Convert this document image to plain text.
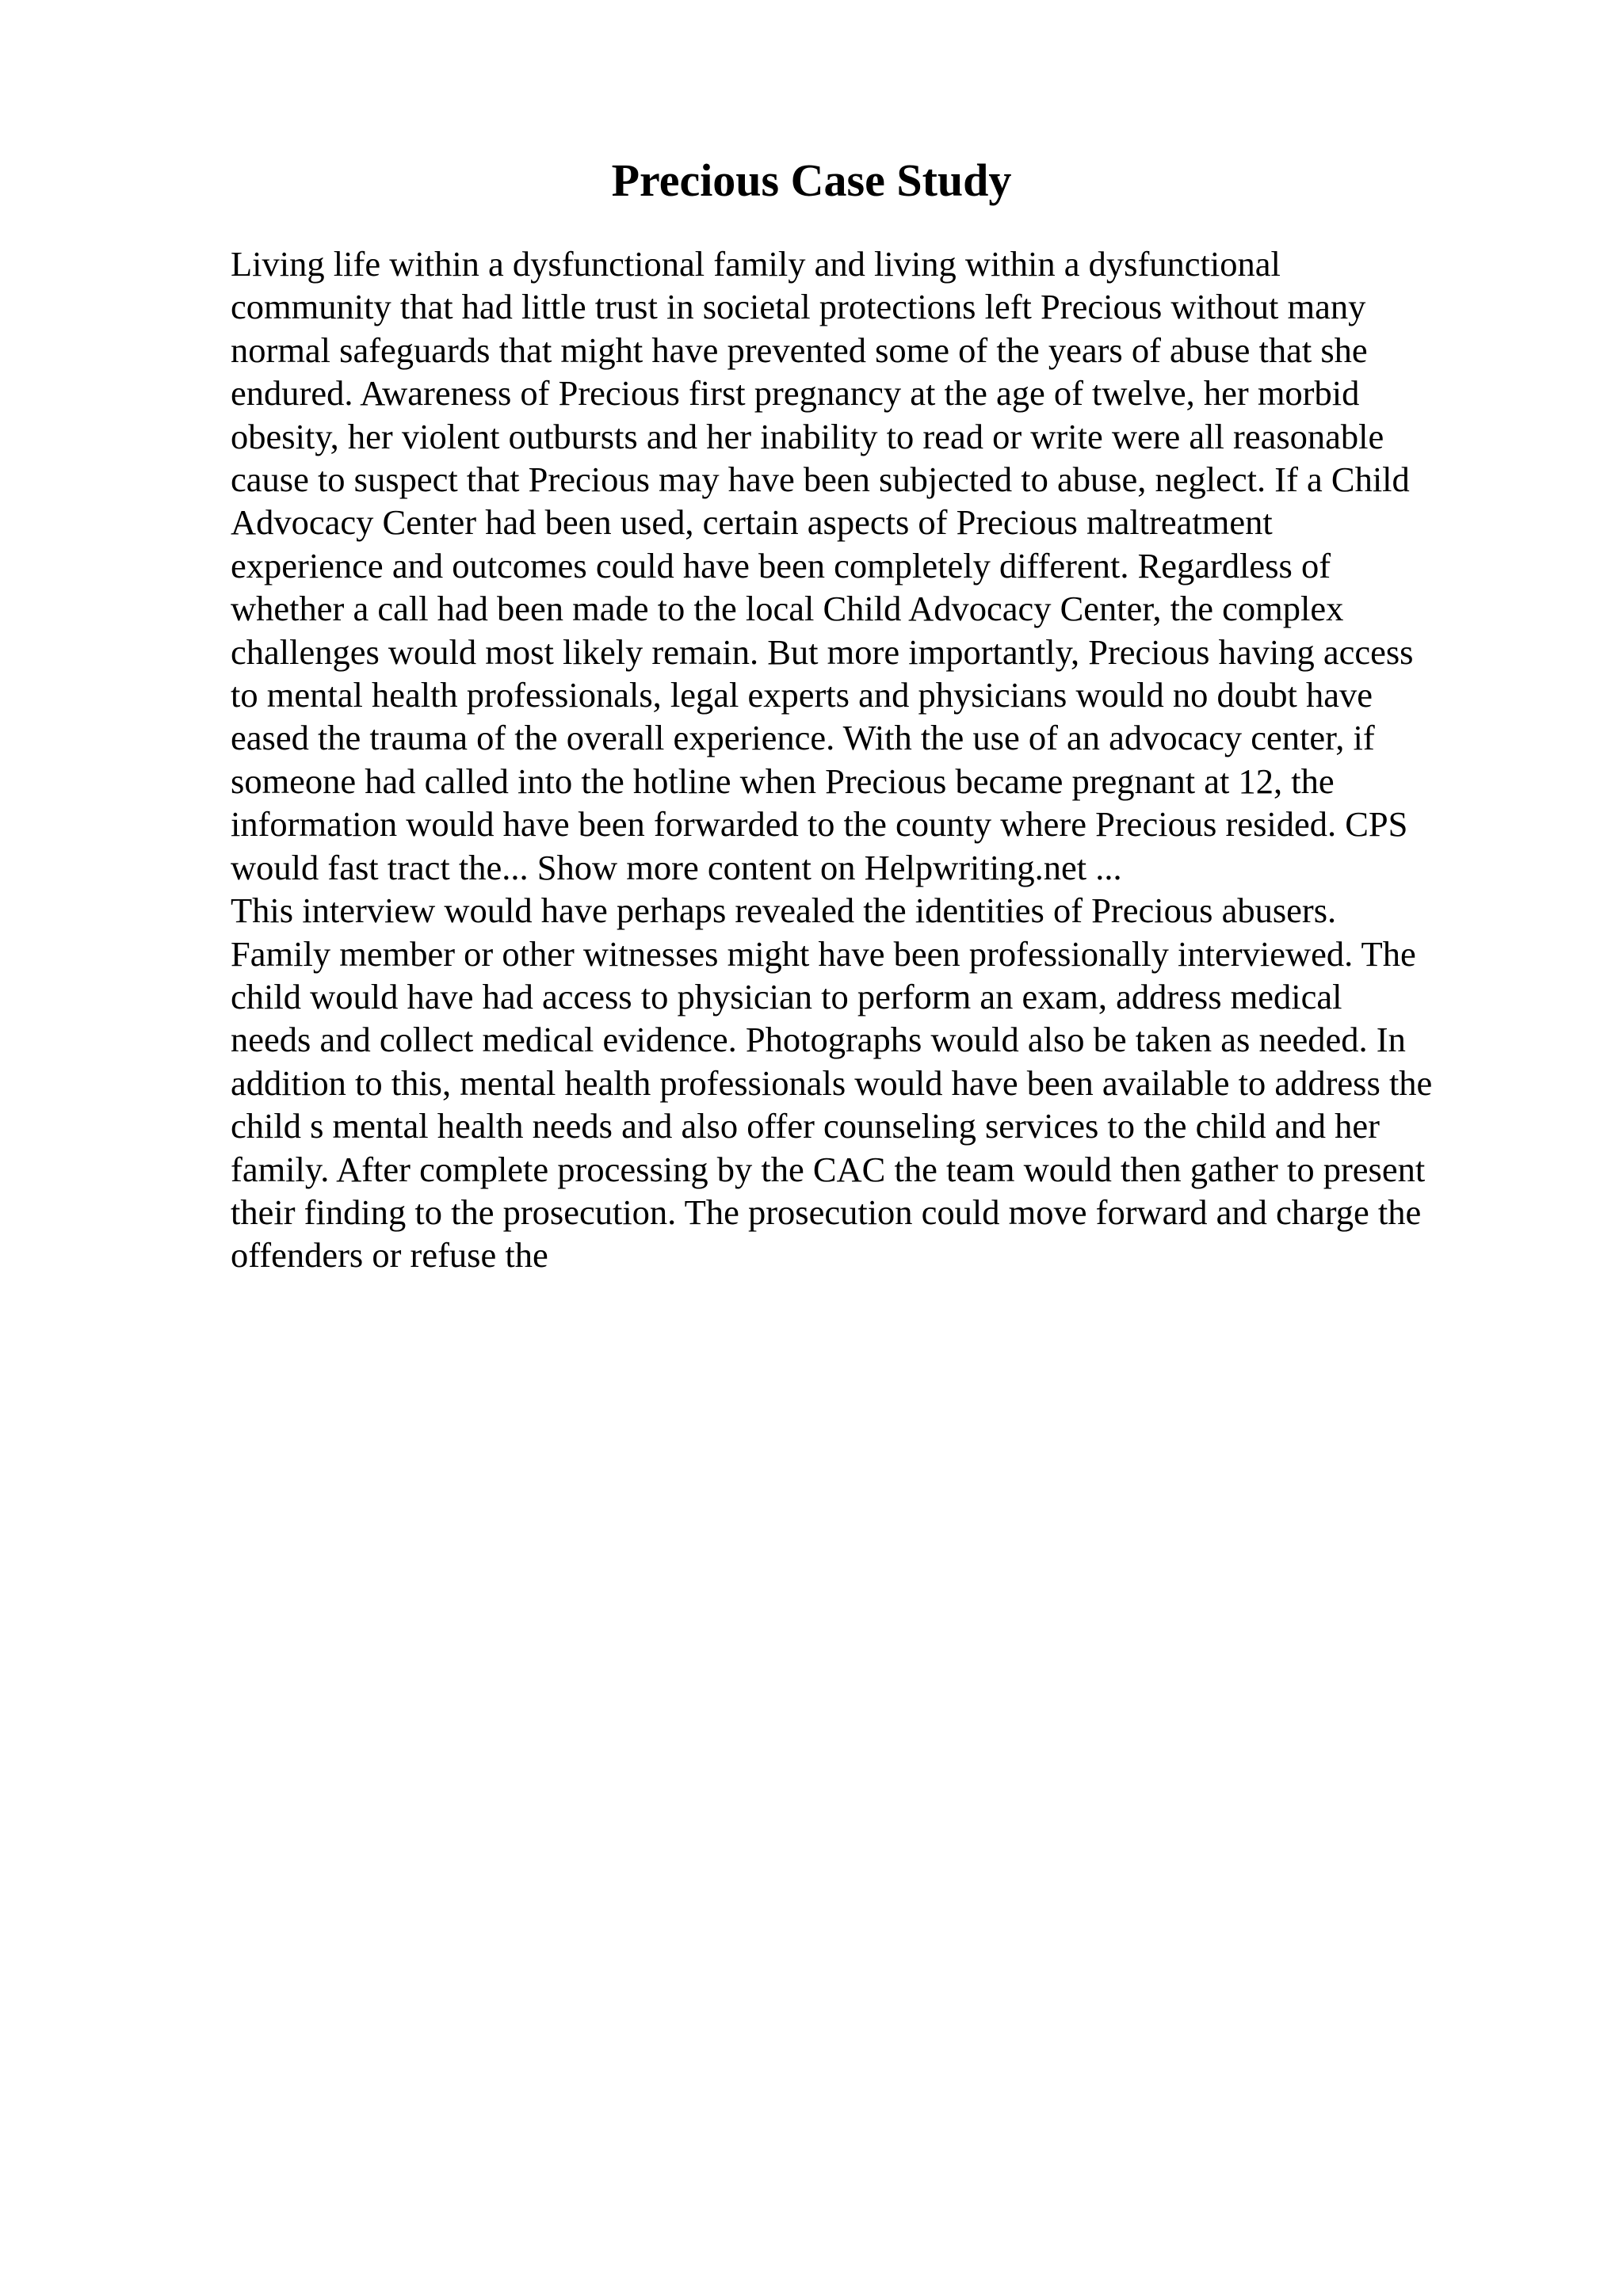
Precious Case Study
Living life within a dysfunctional family and living within a dysfunctional
community that had little trust in societal protections left Precious without many
normal safeguards that might have prevented some of the years of abuse that she
endured. Awareness of Precious first pregnancy at the age of twelve, her morbid
obesity, her violent outbursts and her inability to read or write were all reasonable
cause to suspect that Precious may have been subjected to abuse, neglect. If a Child
Advocacy Center had been used, certain aspects of Precious maltreatment
experience and outcomes could have been completely different. Regardless of
whether a call had been made to the local Child Advocacy Center, the complex
challenges would most likely remain. But more importantly, Precious having access
to mental health professionals, legal experts and physicians would no doubt have
eased the trauma of the overall experience. With the use of an advocacy center, if
someone had called into the hotline when Precious became pregnant at 12, the
information would have been forwarded to the county where Precious resided. CPS
would fast tract the... Show more content on Helpwriting.net ...
This interview would have perhaps revealed the identities of Precious abusers.
Family member or other witnesses might have been professionally interviewed. The
child would have had access to physician to perform an exam, address medical
needs and collect medical evidence. Photographs would also be taken as needed. In
addition to this, mental health professionals would have been available to address the
child s mental health needs and also offer counseling services to the child and her
family. After complete processing by the CAC the team would then gather to present
their finding to the prosecution. The prosecution could move forward and charge the
offenders or refuse the
